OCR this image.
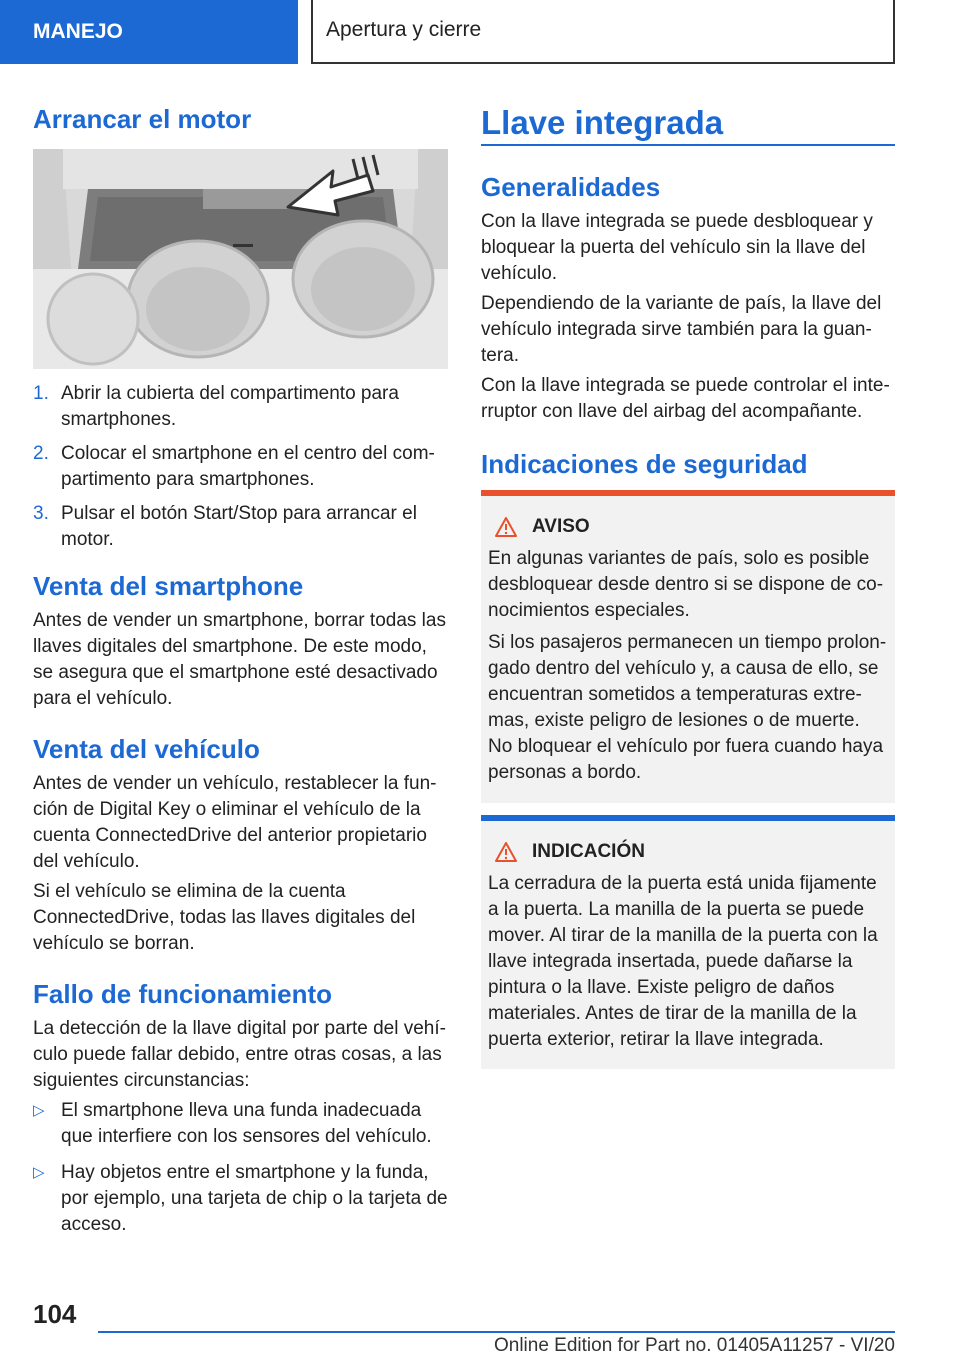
MANEJO	Apertura y cierre
Arrancar el motor
1. Abrir la cubierta del compartimento para smartphones.
2. Colocar el smartphone en el centro del compartimento para smartphones.
3. Pulsar el botón Start/Stop para arrancar el motor.
Venta del smartphone

Antes de vender un smartphone, borrar todas las llaves digitales del smartphone. De este modo, se asegura que el smartphone esté desactivado para el vehículo.

Venta del vehículo

Antes de vender un vehículo, restablecer la función de Digital Key o eliminar el vehículo de la cuenta ConnectedDrive del anterior propietario del vehículo.

Si el vehículo se elimina de la cuenta ConnectedDrive, todas las llaves digitales del vehículo se borran.

Fallo de funcionamiento

La detección de la llave digital por parte del vehículo puede fallar debido, entre otras cosas, a las siguientes circunstancias:

▷ El smartphone lleva una funda inadecuada que interfiere con los sensores del vehículo.
▷ Hay objetos entre el smartphone y la funda, por ejemplo, una tarjeta de chip o la tarjeta de acceso.
Llave integrada
Generalidades

Con la llave integrada se puede desbloquear y bloquear la puerta del vehículo sin la llave del vehículo.

Dependiendo de la variante de país, la llave del vehículo integrada sirve también para la guantera.

Con la llave integrada se puede controlar el interruptor con llave del airbag del acompañante.

Indicaciones de seguridad
AVISO

En algunas variantes de país, solo es posible desbloquear desde dentro si se dispone de conocimientos especiales.

Si los pasajeros permanecen un tiempo prolongado dentro del vehículo y, a causa de ello, se encuentran sometidos a temperaturas extremas, existe peligro de lesiones o de muerte. No bloquear el vehículo por fuera cuando haya personas a bordo.

INDICACIÓN

La cerradura de la puerta está unida fijamente a la puerta. La manilla de la puerta se puede mover. Al tirar de la manilla de la puerta con la llave integrada insertada, puede dañarse la pintura o la llave. Existe peligro de daños materiales. Antes de tirar de la manilla de la puerta exterior, retirar la llave integrada.

104
Online Edition for Part no. 01405A11257 - VI/20
